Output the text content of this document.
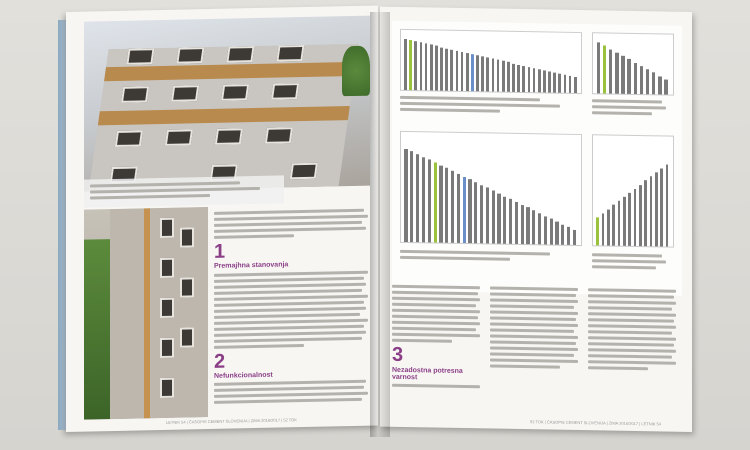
1
Premajhna stanovanja
2
Nefunkcionalnost
LETNIK 54 | ČASOPIS CEMENT SLOVENIJA | ZIMA 2016/2017 | 52 TOK
3
Nezadostna potresna varnost
53 TOK | ČASOPIS CEMENT SLOVENIJA | ZIMA 2016/2017 | LETNIK 54
